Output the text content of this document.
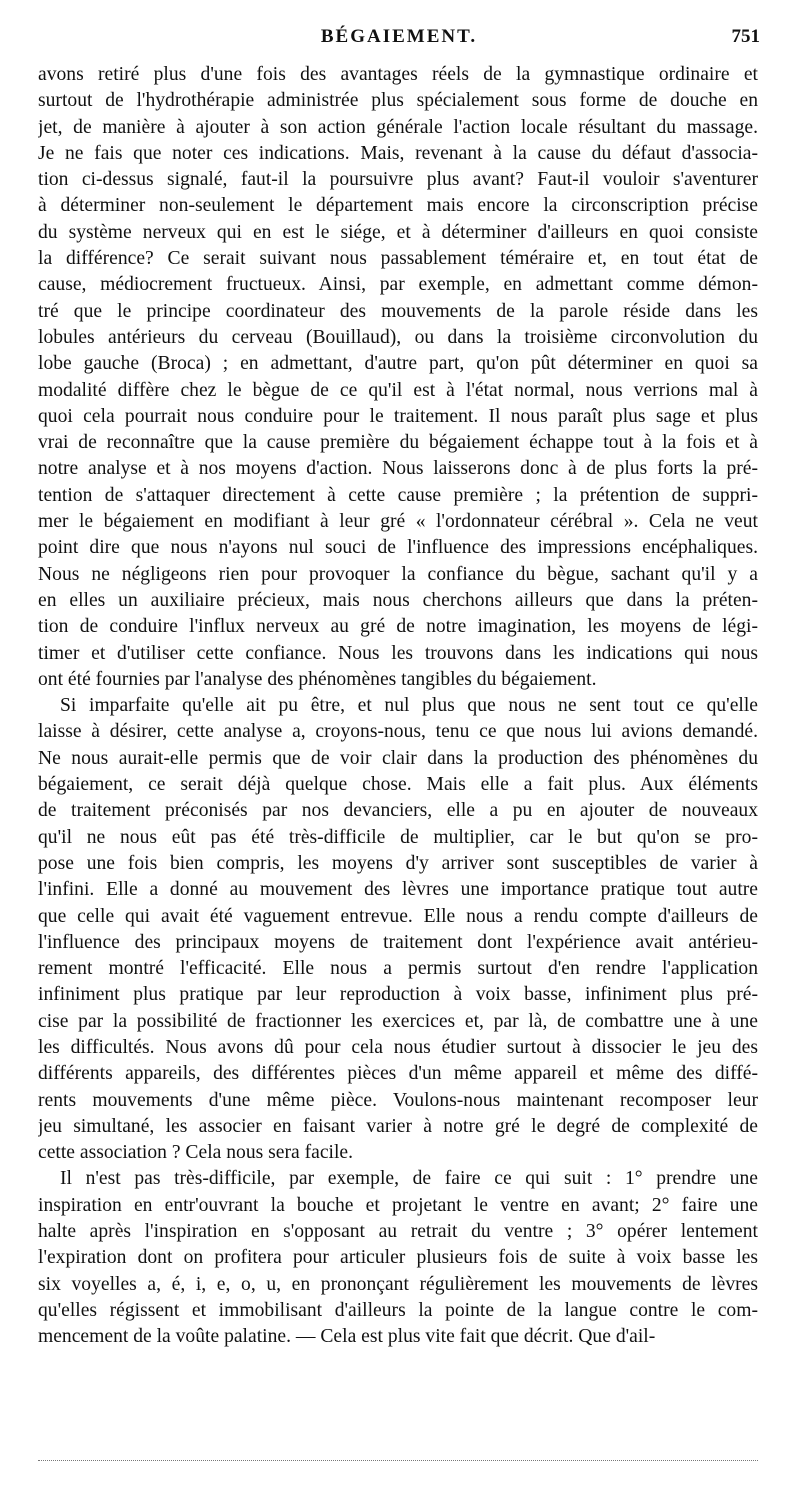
BÉGAIEMENT.	751
avons retiré plus d'une fois des avantages réels de la gymnastique ordinaire et
surtout de l'hydrothérapie administrée plus spécialement sous forme de douche en
jet, de manière à ajouter à son action générale l'action locale résultant du massage.
Je ne fais que noter ces indications. Mais, revenant à la cause du défaut d'associa-
tion ci-dessus signalé, faut-il la poursuivre plus avant? Faut-il vouloir s'aventurer
à déterminer non-seulement le département mais encore la circonscription précise
du système nerveux qui en est le siége, et à déterminer d'ailleurs en quoi consiste
la différence? Ce serait suivant nous passablement téméraire et, en tout état de
cause, médiocrement fructueux. Ainsi, par exemple, en admettant comme démon-
tré que le principe coordinateur des mouvements de la parole réside dans les
lobules antérieurs du cerveau (Bouillaud), ou dans la troisième circonvolution du
lobe gauche (Broca) ; en admettant, d'autre part, qu'on pût déterminer en quoi sa
modalité diffère chez le bègue de ce qu'il est à l'état normal, nous verrions mal à
quoi cela pourrait nous conduire pour le traitement. Il nous paraît plus sage et plus
vrai de reconnaître que la cause première du bégaiement échappe tout à la fois et à
notre analyse et à nos moyens d'action. Nous laisserons donc à de plus forts la pré-
tention de s'attaquer directement à cette cause première ; la prétention de suppri-
mer le bégaiement en modifiant à leur gré « l'ordonnateur cérébral ». Cela ne veut
point dire que nous n'ayons nul souci de l'influence des impressions encéphaliques.
Nous ne négligeons rien pour provoquer la confiance du bègue, sachant qu'il y a
en elles un auxiliaire précieux, mais nous cherchons ailleurs que dans la préten-
tion de conduire l'influx nerveux au gré de notre imagination, les moyens de légi-
timer et d'utiliser cette confiance. Nous les trouvons dans les indications qui nous
ont été fournies par l'analyse des phénomènes tangibles du bégaiement.
Si imparfaite qu'elle ait pu être, et nul plus que nous ne sent tout ce qu'elle
laisse à désirer, cette analyse a, croyons-nous, tenu ce que nous lui avions demandé.
Ne nous aurait-elle permis que de voir clair dans la production des phénomènes du
bégaiement, ce serait déjà quelque chose. Mais elle a fait plus. Aux éléments
de traitement préconisés par nos devanciers, elle a pu en ajouter de nouveaux
qu'il ne nous eût pas été très-difficile de multiplier, car le but qu'on se pro-
pose une fois bien compris, les moyens d'y arriver sont susceptibles de varier à
l'infini. Elle a donné au mouvement des lèvres une importance pratique tout autre
que celle qui avait été vaguement entrevue. Elle nous a rendu compte d'ailleurs de
l'influence des principaux moyens de traitement dont l'expérience avait antérieu-
rement montré l'efficacité. Elle nous a permis surtout d'en rendre l'application
infiniment plus pratique par leur reproduction à voix basse, infiniment plus pré-
cise par la possibilité de fractionner les exercices et, par là, de combattre une à une
les difficultés. Nous avons dû pour cela nous étudier surtout à dissocier le jeu des
différents appareils, des différentes pièces d'un même appareil et même des diffé-
rents mouvements d'une même pièce. Voulons-nous maintenant recomposer leur
jeu simultané, les associer en faisant varier à notre gré le degré de complexité de
cette association ? Cela nous sera facile.
Il n'est pas très-difficile, par exemple, de faire ce qui suit : 1° prendre une
inspiration en entr'ouvrant la bouche et projetant le ventre en avant; 2° faire une
halte après l'inspiration en s'opposant au retrait du ventre ; 3° opérer lentement
l'expiration dont on profitera pour articuler plusieurs fois de suite à voix basse les
six voyelles a, é, i, e, o, u, en prononçant régulièrement les mouvements de lèvres
qu'elles régissent et immobilisant d'ailleurs la pointe de la langue contre le com-
mencement de la voûte palatine. — Cela est plus vite fait que décrit. Que d'ail-
